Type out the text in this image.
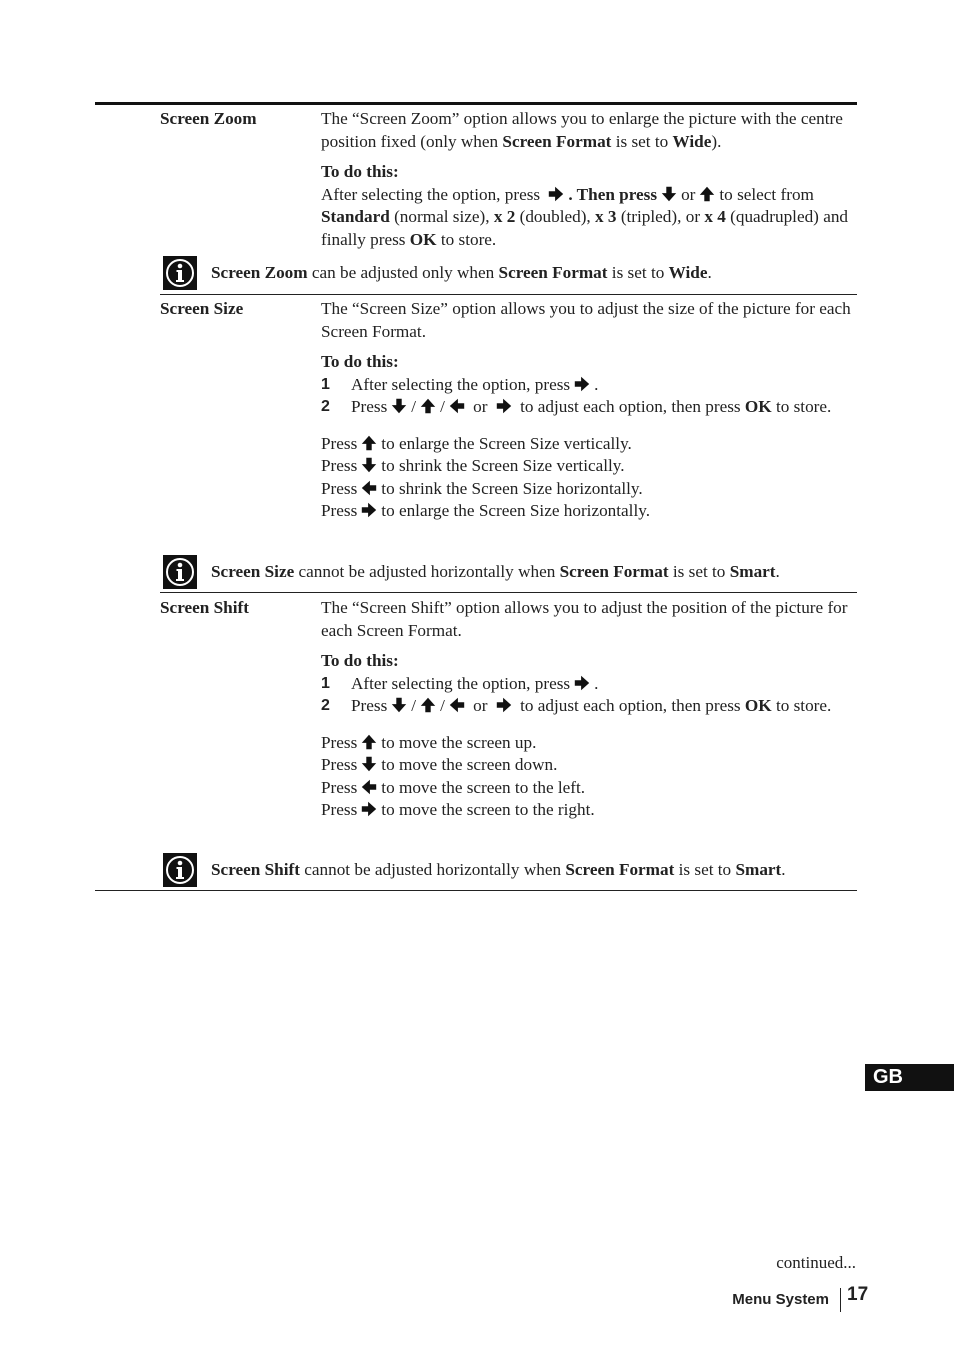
Screen Zoom	The “Screen Zoom” option allows you to enlarge the picture with the centre position fixed (only when Screen Format is set to Wide).

To do this:

After selecting the option, press . Then press or to select from Standard (normal size), x 2 (doubled), x 3 (tripled), or x 4 (quadrupled) and finally press OK to store.

Screen Zoom can be adjusted only when Screen Format is set to Wide.
Screen Size	The “Screen Size” option allows you to adjust the size of the picture for each Screen Format.

To do this:

1 After selecting the option, press .
2 Press / / or to adjust each option, then press OK to store.
Press to enlarge the Screen Size vertically.
Press to shrink the Screen Size vertically.
Press to shrink the Screen Size horizontally.
Press to enlarge the Screen Size horizontally.
Screen Size cannot be adjusted horizontally when Screen Format is set to Smart.
Screen Shift	The “Screen Shift” option allows you to adjust the position of the picture for each Screen Format.

To do this:

1 After selecting the option, press .
2 Press / / or to adjust each option, then press OK to store.
Press to move the screen up.
Press to move the screen down.
Press to move the screen to the left.
Press to move the screen to the right.
Screen Shift cannot be adjusted horizontally when Screen Format is set to Smart.
GB
continued...
Menu System 17
